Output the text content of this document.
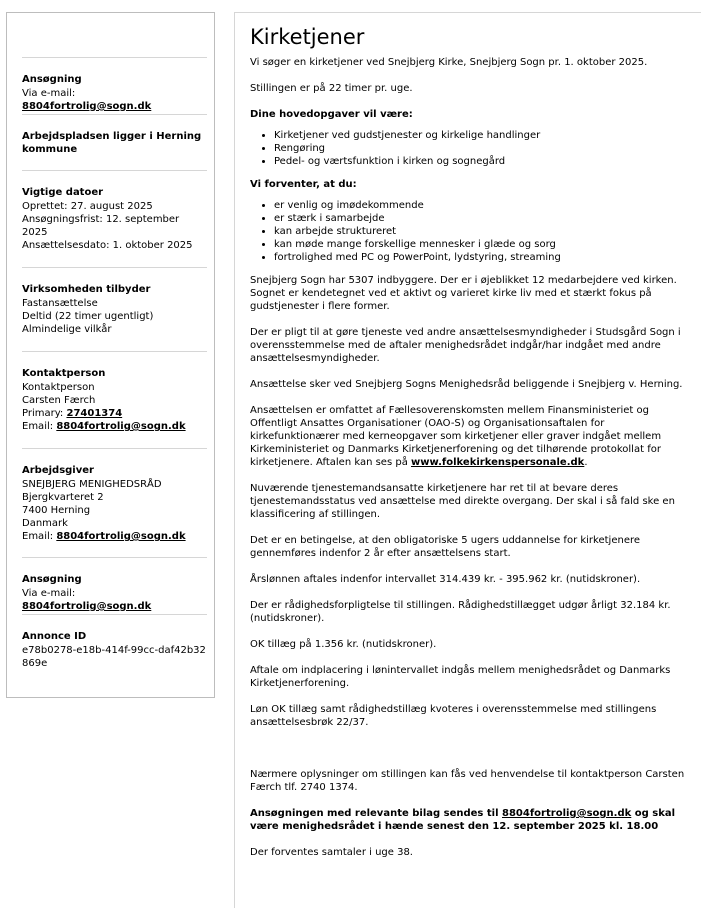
Ansøgning

Via e-mail: 8804fortrolig@sogn.dk

Arbejdspladsen ligger i Herning kommune
Vigtige datoer

Oprettet: 27. august 2025

Ansøgningsfrist: 12. september 2025

Ansættelsesdato: 1. oktober 2025

Virksomheden tilbyder

Fastansættelse

Deltid (22 timer ugentligt)

Almindelige vilkår

Kontaktperson

Kontaktperson

Carsten Færch

Primary: 27401374

Email: 8804fortrolig@sogn.dk

Arbejdsgiver

SNEJBJERG MENIGHEDSRÅD

Bjergkvarteret 2

7400 Herning

Danmark

Email: 8804fortrolig@sogn.dk

Ansøgning

Via e-mail: 8804fortrolig@sogn.dk

Annonce ID

e78b0278-e18b-414f-99cc-daf42b32869e

Kirketjener

Vi søger en kirketjener ved Snejbjerg Kirke, Snejbjerg Sogn pr. 1. oktober 2025.

Stillingen er på 22 timer pr. uge.

Dine hovedopgaver vil være:

• Kirketjener ved gudstjenester og kirkelige handlinger
• Rengøring
• Pedel- og værtsfunktion i kirken og sognegård

Vi forventer, at du:

• er venlig og imødekommende
• er stærk i samarbejde
• kan arbejde struktureret
• kan møde mange forskellige mennesker i glæde og sorg
• fortrolighed med PC og PowerPoint, lydstyring, streaming

Snejbjerg Sogn har 5307 indbyggere. Der er i øjeblikket 12 medarbejdere ved kirken. Sognet er kendetegnet ved et aktivt og varieret kirke liv med et stærkt fokus på gudstjenester i flere former.

Der er pligt til at gøre tjeneste ved andre ansættelsesmyndigheder i Studsgård Sogn i overensstemmelse med de aftaler menighedsrådet indgår/har indgået med andre ansættelsesmyndigheder.

Ansættelse sker ved Snejbjerg Sogns Menighedsråd beliggende i Snejbjerg v. Herning.

Ansættelsen er omfattet af Fællesoverenskomsten mellem Finansministeriet og Offentligt Ansattes Organisationer (OAO-S) og Organisationsaftalen for kirkefunktionærer med kerneopgaver som kirketjener eller graver indgået mellem Kirkeministeriet og Danmarks Kirketjenerforening og det tilhørende protokollat for kirketjenere. Aftalen kan ses på www.folkekirkenspersonale.dk.

Nuværende tjenestemandsansatte kirketjenere har ret til at bevare deres tjenestemandsstatus ved ansættelse med direkte overgang. Der skal i så fald ske en klassificering af stillingen.

Det er en betingelse, at den obligatoriske 5 ugers uddannelse for kirketjenere gennemføres indenfor 2 år efter ansættelsens start.

Årslønnen aftales indenfor intervallet 314.439 kr. - 395.962 kr. (nutidskroner).

Der er rådighedsforpligtelse til stillingen. Rådighedstillægget udgør årligt 32.184 kr. (nutidskroner).

OK tillæg på 1.356 kr. (nutidskroner).

Aftale om indplacering i lønintervallet indgås mellem menighedsrådet og Danmarks Kirketjenerforening.

Løn OK tillæg samt rådighedstillæg kvoteres i overensstemmelse med stillingens ansættelsesbrøk 22/37.

Nærmere oplysninger om stillingen kan fås ved henvendelse til kontaktperson Carsten Færch tlf. 2740 1374.

Ansøgningen med relevante bilag sendes til 8804fortrolig@sogn.dk og skal være menighedsrådet i hænde senest den 12. september 2025 kl. 18.00

Der forventes samtaler i uge 38.
